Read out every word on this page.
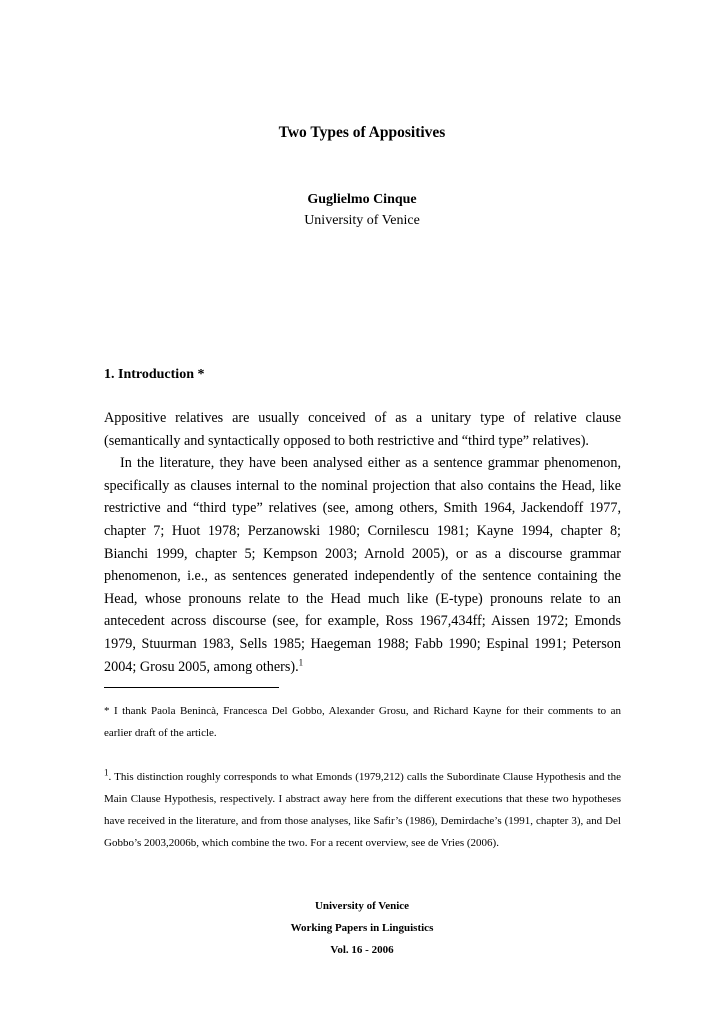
Two Types of Appositives
Guglielmo Cinque
University of Venice
1. Introduction *

Appositive relatives are usually conceived of as a unitary type of relative clause (semantically and syntactically opposed to both restrictive and “third type” relatives).

In the literature, they have been analysed either as a sentence grammar phenomenon, specifically as clauses internal to the nominal projection that also contains the Head, like restrictive and “third type” relatives (see, among others, Smith 1964, Jackendoff 1977, chapter 7; Huot 1978; Perzanowski 1980; Cornilescu 1981; Kayne 1994, chapter 8; Bianchi 1999, chapter 5; Kempson 2003; Arnold 2005), or as a discourse grammar phenomenon, i.e., as sentences generated independently of the sentence containing the Head, whose pronouns relate to the Head much like (E-type) pronouns relate to an antecedent across discourse (see, for example, Ross 1967,434ff; Aissen 1972; Emonds 1979, Stuurman 1983, Sells 1985; Haegeman 1988; Fabb 1990; Espinal 1991; Peterson 2004; Grosu 2005, among others).$^1$

* I thank Paola Benincà, Francesca Del Gobbo, Alexander Grosu, and Richard Kayne for their comments to an earlier draft of the article.
$^1$. This distinction roughly corresponds to what Emonds (1979,212) calls the Subordinate Clause Hypothesis and the Main Clause Hypothesis, respectively. I abstract away here from the different executions that these two hypotheses have received in the literature, and from those analyses, like Safir’s (1986), Demirdache’s (1991, chapter 3), and Del Gobbo’s 2003,2006b, which combine the two. For a recent overview, see de Vries (2006).
University of Venice
Working Papers in Linguistics
Vol. 16 - 2006
